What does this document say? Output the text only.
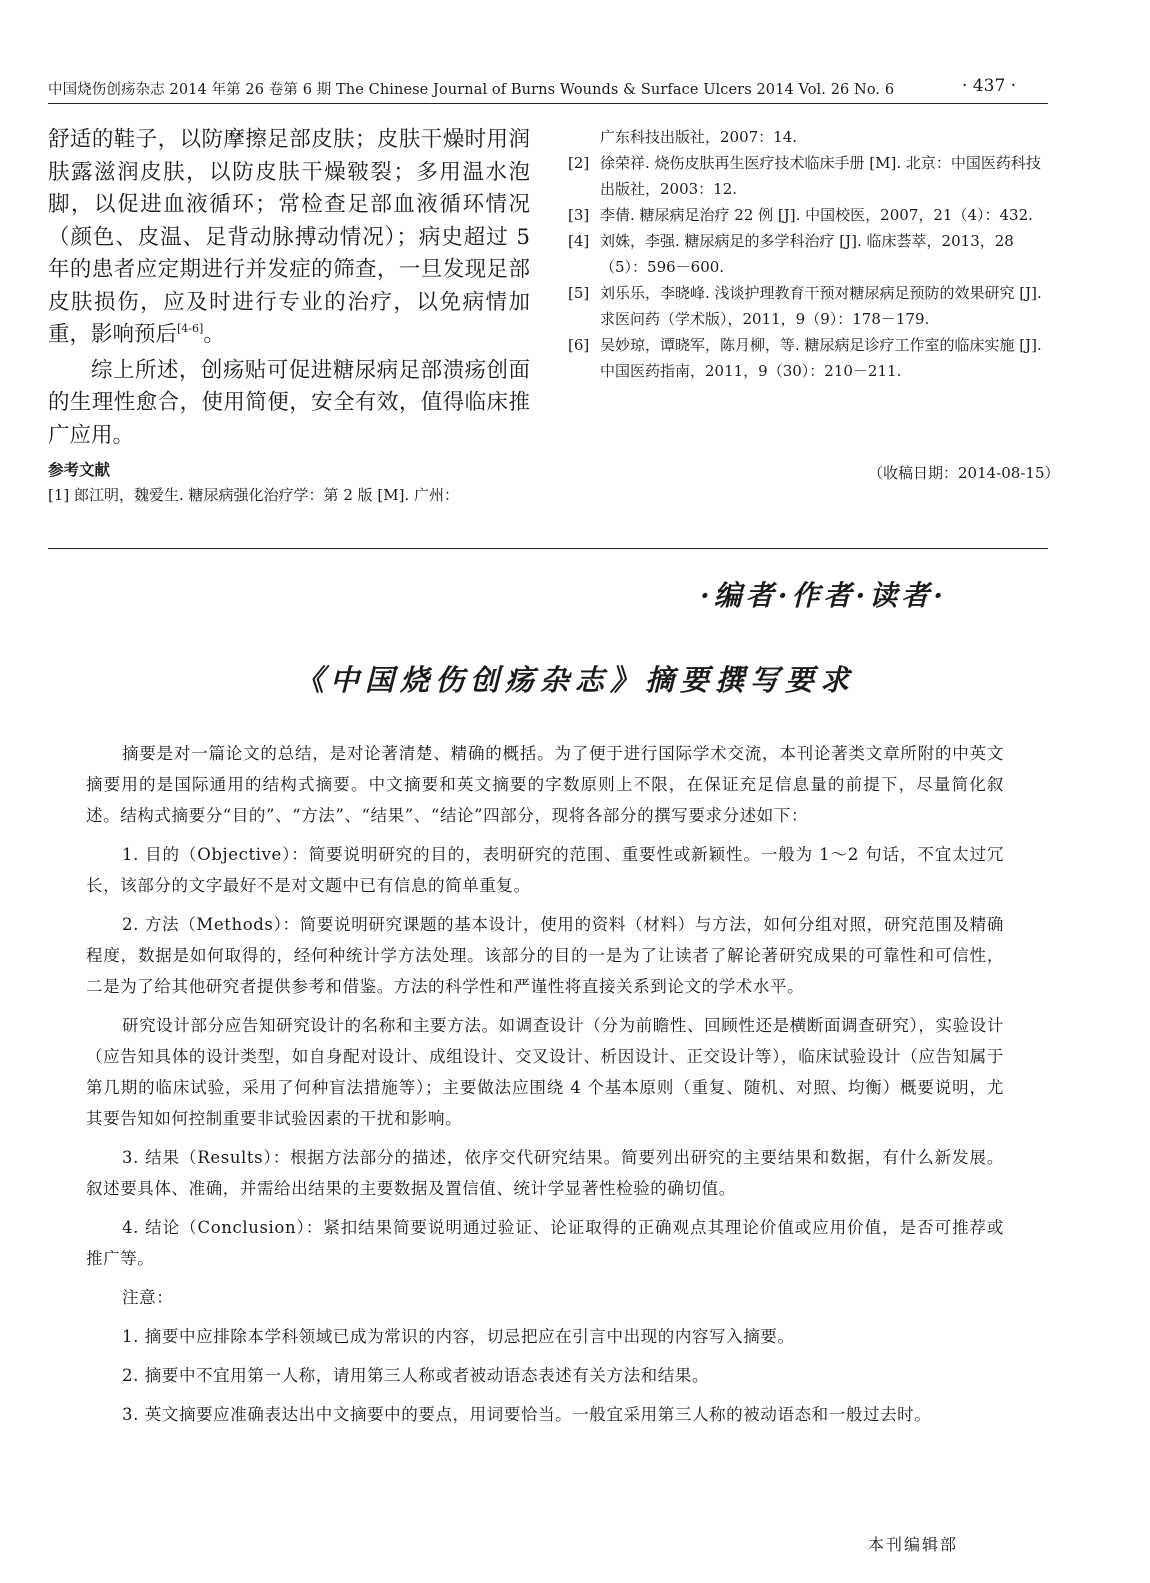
中国烧伤创疡杂志 2014 年第 26 卷第 6 期 The Chinese Journal of Burns Wounds & Surface Ulcers 2014 Vol. 26 No. 6	· 437 ·

舒适的鞋子，以防摩擦足部皮肤；皮肤干燥时用润肤露滋润皮肤，以防皮肤干燥皲裂；多用温水泡脚，以促进血液循环；常检查足部血液循环情况（颜色、皮温、足背动脉搏动情况）；病史超过 5 年的患者应定期进行并发症的筛查，一旦发现足部皮肤损伤，应及时进行专业的治疗，以免病情加重，影响预后[4-6]。

综上所述，创疡贴可促进糖尿病足部溃疡创面的生理性愈合，使用简便，安全有效，值得临床推广应用。

参考文献
[1] 郎江明，魏爱生. 糖尿病强化治疗学：第 2 版 [M]. 广州：
广东科技出版社，2007：14.
[2] 徐荣祥. 烧伤皮肤再生医疗技术临床手册 [M]. 北京：中国医药科技出版社，2003：12.
[3] 李倩. 糖尿病足治疗 22 例 [J]. 中国校医，2007，21（4）：432.
[4] 刘姝，李强. 糖尿病足的多学科治疗 [J]. 临床荟萃，2013，28（5）：596－600.
[5] 刘乐乐，李晓峰. 浅谈护理教育干预对糖尿病足预防的效果研究 [J]. 求医问药（学术版），2011，9（9）：178－179.
[6] 吴妙琼，谭晓军，陈月柳，等. 糖尿病足诊疗工作室的临床实施 [J]. 中国医药指南，2011，9（30）：210－211.
（收稿日期：2014-08-15）
·编者·作者·读者·
《中国烧伤创疡杂志》摘要撰写要求

摘要是对一篇论文的总结，是对论著清楚、精确的概括。为了便于进行国际学术交流，本刊论著类文章所附的中英文摘要用的是国际通用的结构式摘要。中文摘要和英文摘要的字数原则上不限，在保证充足信息量的前提下，尽量简化叙述。结构式摘要分“目的”、“方法”、“结果”、“结论”四部分，现将各部分的撰写要求分述如下：

1. 目的（Objective）：简要说明研究的目的，表明研究的范围、重要性或新颖性。一般为 1～2 句话，不宜太过冗长，该部分的文字最好不是对文题中已有信息的简单重复。

2. 方法（Methods）：简要说明研究课题的基本设计，使用的资料（材料）与方法，如何分组对照，研究范围及精确程度，数据是如何取得的，经何种统计学方法处理。该部分的目的一是为了让读者了解论著研究成果的可靠性和可信性，二是为了给其他研究者提供参考和借鉴。方法的科学性和严谨性将直接关系到论文的学术水平。

研究设计部分应告知研究设计的名称和主要方法。如调查设计（分为前瞻性、回顾性还是横断面调查研究），实验设计（应告知具体的设计类型，如自身配对设计、成组设计、交叉设计、析因设计、正交设计等），临床试验设计（应告知属于第几期的临床试验，采用了何种盲法措施等）；主要做法应围绕 4 个基本原则（重复、随机、对照、均衡）概要说明，尤其要告知如何控制重要非试验因素的干扰和影响。

3. 结果（Results）：根据方法部分的描述，依序交代研究结果。简要列出研究的主要结果和数据，有什么新发展。叙述要具体、准确，并需给出结果的主要数据及置信值、统计学显著性检验的确切值。

4. 结论（Conclusion）：紧扣结果简要说明通过验证、论证取得的正确观点其理论价值或应用价值，是否可推荐或推广等。

注意：

1. 摘要中应排除本学科领域已成为常识的内容，切忌把应在引言中出现的内容写入摘要。

2. 摘要中不宜用第一人称，请用第三人称或者被动语态表述有关方法和结果。

3. 英文摘要应准确表达出中文摘要中的要点，用词要恰当。一般宜采用第三人称的被动语态和一般过去时。

本刊编辑部
